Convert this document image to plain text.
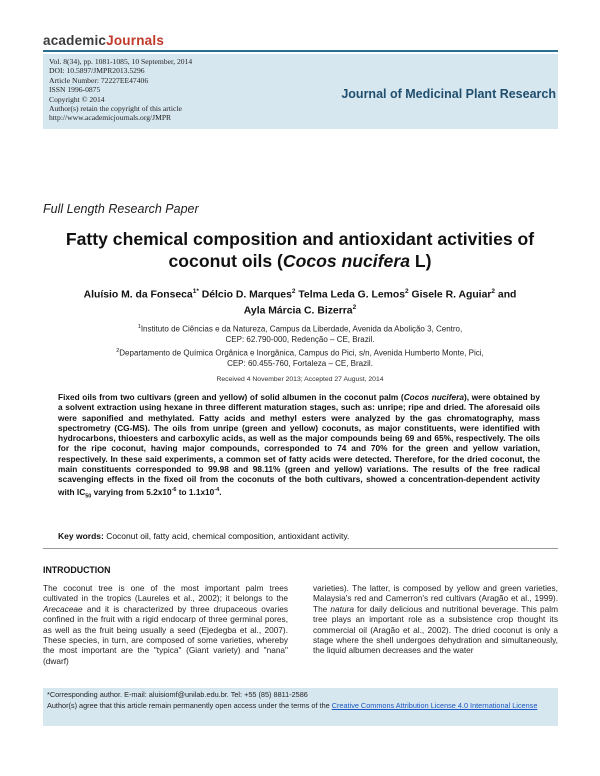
academicJournals
Vol. 8(34), pp. 1081-1085, 10 September, 2014
DOI: 10.5897/JMPR2013.5296
Article Number: 72227EE47406
ISSN 1996-0875
Copyright © 2014
Author(s) retain the copyright of this article
http://www.academicjournals.org/JMPR
Journal of Medicinal Plant Research
Full Length Research Paper
Fatty chemical composition and antioxidant activities of
coconut oils (Cocos nucifera L)
Aluísio M. da Fonseca$^{1*}$ Délcio D. Marques$^2$ Telma Leda G. Lemos$^2$ Gisele R. Aguiar$^2$ and
Ayla Márcia C. Bizerra$^2$
$^1$Instituto de Ciências e da Natureza, Campus da Liberdade, Avenida da Abolição 3, Centro,
CEP: 62.790-000, Redenção – CE, Brazil.
$^2$Departamento de Química Orgânica e Inorgânica, Campus do Pici, s/n, Avenida Humberto Monte, Pici,
CEP: 60.455-760, Fortaleza – CE, Brazil.
Received 4 November 2013; Accepted 27 August, 2014
Fixed oils from two cultivars (green and yellow) of solid albumen in the coconut palm (Cocos nucifera), were obtained by a solvent extraction using hexane in three different maturation stages, such as: unripe; ripe and dried. The aforesaid oils were saponified and methylated. Fatty acids and methyl esters were analyzed by the gas chromatography, mass spectrometry (CG-MS). The oils from unripe (green and yellow) coconuts, as major constituents, were identified with hydrocarbons, thioesters and carboxylic acids, as well as the major compounds being 69 and 65%, respectively. The oils for the ripe coconut, having major compounds, corresponded to 74 and 70% for the green and yellow variation, respectively. In these said experiments, a common set of fatty acids were detected. Therefore, for the dried coconut, the main constituents corresponded to 99.98 and 98.11% (green and yellow) variations. The results of the free radical scavenging effects in the fixed oil from the coconuts of the both cultivars, showed a concentration-dependent activity with $IC_{50}$ varying from $5.2x10^{-6}$ to $1.1x10^{-4}$.
Key words: Coconut oil, fatty acid, chemical composition, antioxidant activity.
INTRODUCTION
The coconut tree is one of the most important palm trees cultivated in the tropics (Laureles et al., 2002); it belongs to the Arecaceae and it is characterized by three drupaceous ovaries confined in the fruit with a rigid endocarp of three germinal pores, as well as the fruit being usually a seed (Ejedegba et al., 2007). These species, in turn, are composed of some varieties, whereby the most important are the "typica" (Giant variety) and "nana" (dwarf)
varieties). The latter, is composed by yellow and green varieties, Malaysia's red and Camerron's red cultivars (Aragão et al., 1999). The natura for daily delicious and nutritional beverage. This palm tree plays an important role as a subsistence crop thought its commercial oil (Aragão et al., 2002). The dried coconut is only a stage where the shell undergoes dehydration and simultaneously, the liquid albumen decreases and the water
*Corresponding author. E-mail: aluisiomf@unilab.edu.br. Tel: +55 (85) 8811-2586
Author(s) agree that this article remain permanently open access under the terms of the Creative Commons Attribution License 4.0 International License
